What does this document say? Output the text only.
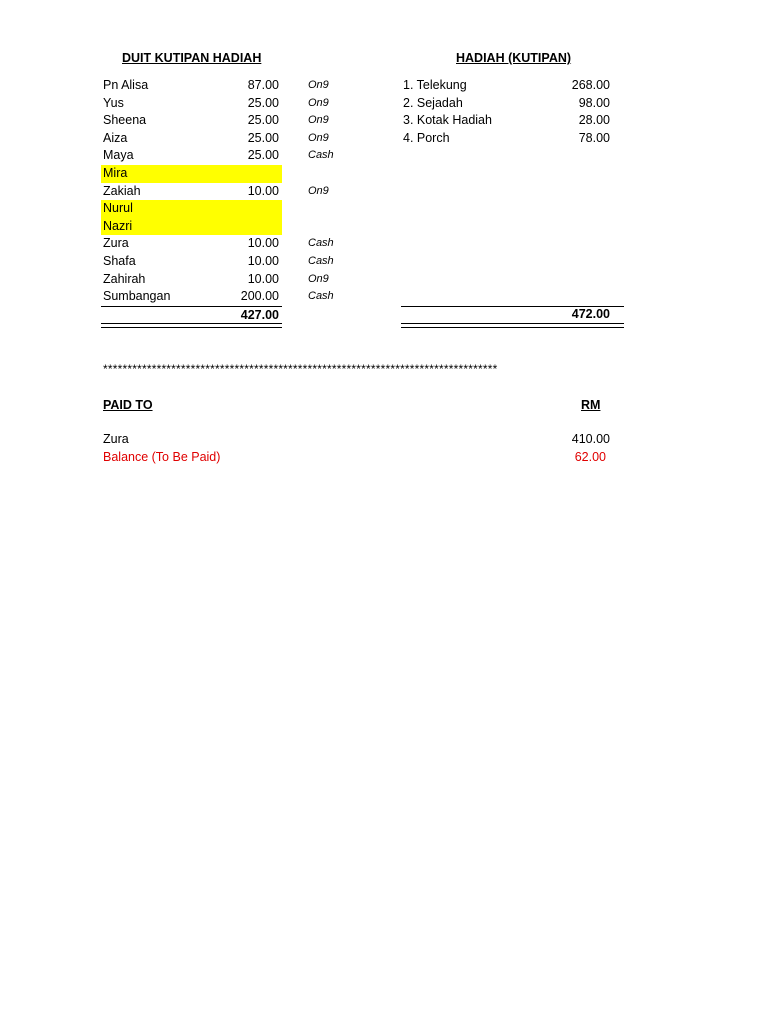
DUIT KUTIPAN HADIAH
Pn Alisa	87.00	On9
Yus	25.00	On9
Sheena	25.00	On9
Aiza	25.00	On9
Maya	25.00	Cash
Mira
Zakiah	10.00	On9
Nurul
Nazri
Zura	10.00	Cash
Shafa	10.00	Cash
Zahirah	10.00	On9
Sumbangan	200.00	Cash
427.00
HADIAH (KUTIPAN)
1. Telekung	268.00
2. Sejadah	98.00
3. Kotak Hadiah	28.00
4. Porch	78.00
472.00
*********************************************************************************
PAID TO	RM
Zura	410.00
Balance (To Be Paid)	62.00
